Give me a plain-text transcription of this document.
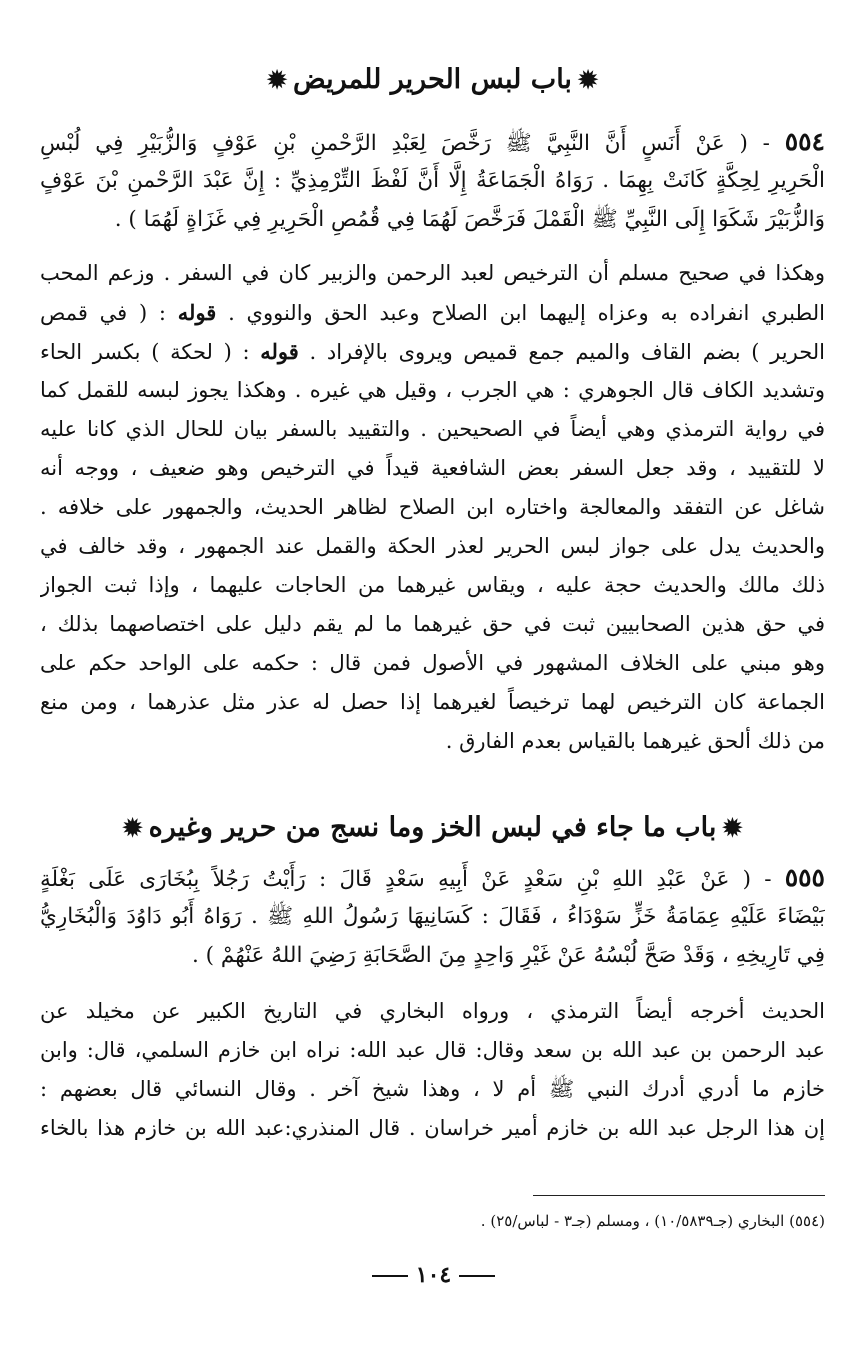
✹باب لبس الحرير للمريض✹
٥٥٤ - ( عَنْ أَنَسٍ أَنَّ النَّبِيَّ ﷺ رَخَّصَ لِعَبْدِ الرَّحْمنِ بْنِ عَوْفٍ وَالزُّبَيْرِ فِي لُبْسِ
الْحَرِيرِ لِحِكَّةٍ كَانَتْ بِهِمَا . رَوَاهُ الْجَمَاعَةُ إِلَّا أَنَّ لَفْظَ التِّرْمِذِيِّ : إِنَّ عَبْدَ الرَّحْمنِ بْنَ عَوْفٍ
وَالزُّبَيْرَ شَكَوَا إِلَى النَّبِيِّ ﷺ الْقَمْلَ فَرَخَّصَ لَهُمَا فِي قُمُصِ الْحَرِيرِ فِي غَزَاةٍ لَهُمَا ) .
وهكذا في صحيح مسلم أن الترخيص لعبد الرحمن والزبير كان في السفر . وزعم المحب
الطبري انفراده به وعزاه إليهما ابن الصلاح وعبد الحق والنووي . قوله : ( في قمص
الحرير ) بضم القاف والميم جمع قميص ويروى بالإفراد . قوله : ( لحكة ) بكسر الحاء
وتشديد الكاف قال الجوهري : هي الجرب ، وقيل هي غيره . وهكذا يجوز لبسه للقمل كما
في رواية الترمذي وهي أيضاً في الصحيحين . والتقييد بالسفر بيان للحال الذي كانا عليه
لا للتقييد ، وقد جعل السفر بعض الشافعية قيداً في الترخيص وهو ضعيف ، ووجه أنه
شاغل عن التفقد والمعالجة واختاره ابن الصلاح لظاهر الحديث، والجمهور على خلافه .
والحديث يدل على جواز لبس الحرير لعذر الحكة والقمل عند الجمهور ، وقد خالف في
ذلك مالك والحديث حجة عليه ، ويقاس غيرهما من الحاجات عليهما ، وإذا ثبت الجواز
في حق هذين الصحابيين ثبت في حق غيرهما ما لم يقم دليل على اختصاصهما بذلك ،
وهو مبني على الخلاف المشهور في الأصول فمن قال : حكمه على الواحد حكم على
الجماعة كان الترخيص لهما ترخيصاً لغيرهما إذا حصل له عذر مثل عذرهما ، ومن منع
من ذلك ألحق غيرهما بالقياس بعدم الفارق .
✹باب ما جاء في لبس الخز وما نسج من حرير وغيره✹
٥٥٥ - ( عَنْ عَبْدِ اللهِ بْنِ سَعْدٍ عَنْ أَبِيهِ سَعْدٍ قَالَ : رَأَيْتُ رَجُلاً بِبُخَارَى عَلَى بَغْلَةٍ
بَيْضَاءَ عَلَيْهِ عِمَامَةُ خَزٍّ سَوْدَاءُ ، فَقَالَ : كَسَانِيهَا رَسُولُ اللهِ ﷺ . رَوَاهُ أَبُو دَاوُدَ وَالْبُخَارِيُّ
فِي تَارِيخِهِ ، وَقَدْ صَحَّ لُبْسُهُ عَنْ غَيْرِ وَاحِدٍ مِنَ الصَّحَابَةِ رَضِيَ اللهُ عَنْهُمْ ) .
الحديث أخرجه أيضاً الترمذي ، ورواه البخاري في التاريخ الكبير عن مخيلد عن
عبد الرحمن بن عبد الله بن سعد وقال: قال عبد الله: نراه ابن خازم السلمي، قال: وابن
خازم ما أدري أدرك النبي ﷺ أم لا ، وهذا شيخ آخر . وقال النسائي قال بعضهم :
إن هذا الرجل عبد الله بن خازم أمير خراسان . قال المنذري:عبد الله بن خازم هذا بالخاء
(٥٥٤) البخاري (جـ١٠/٥٨٣٩) ، ومسلم (جـ٣ - لباس/٢٥) .
١٠٤
